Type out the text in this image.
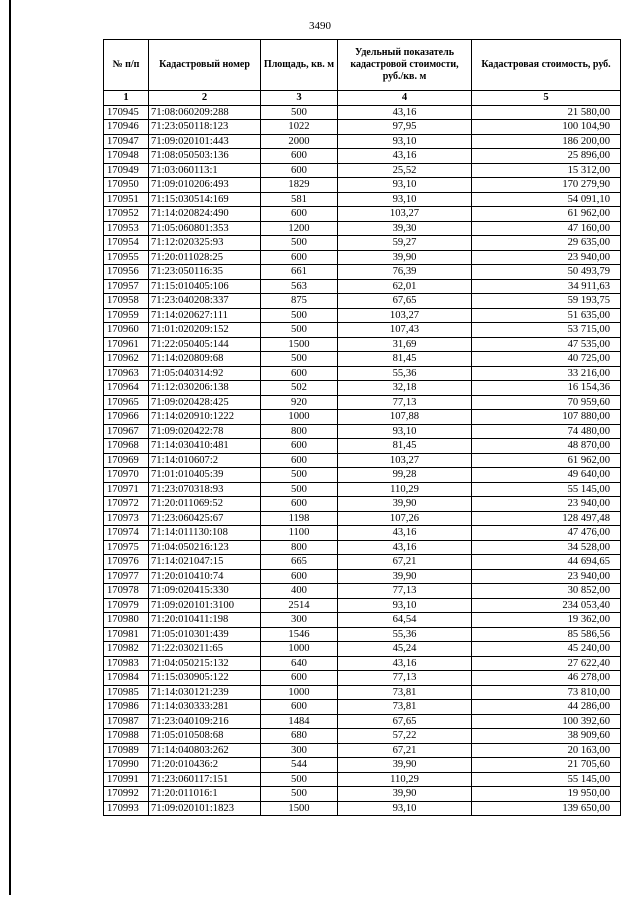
3490
№ п/п	Кадастровый номер	Площадь, кв. м	Удельный показатель кадастровой стоимости, руб./кв. м	Кадастровая стоимость, руб.
1	2	3	4	5
170945	71:08:060209:288	500	43,16	21 580,00
170946	71:23:050118:123	1022	97,95	100 104,90
170947	71:09:020101:443	2000	93,10	186 200,00
170948	71:08:050503:136	600	43,16	25 896,00
170949	71:03:060113:1	600	25,52	15 312,00
170950	71:09:010206:493	1829	93,10	170 279,90
170951	71:15:030514:169	581	93,10	54 091,10
170952	71:14:020824:490	600	103,27	61 962,00
170953	71:05:060801:353	1200	39,30	47 160,00
170954	71:12:020325:93	500	59,27	29 635,00
170955	71:20:011028:25	600	39,90	23 940,00
170956	71:23:050116:35	661	76,39	50 493,79
170957	71:15:010405:106	563	62,01	34 911,63
170958	71:23:040208:337	875	67,65	59 193,75
170959	71:14:020627:111	500	103,27	51 635,00
170960	71:01:020209:152	500	107,43	53 715,00
170961	71:22:050405:144	1500	31,69	47 535,00
170962	71:14:020809:68	500	81,45	40 725,00
170963	71:05:040314:92	600	55,36	33 216,00
170964	71:12:030206:138	502	32,18	16 154,36
170965	71:09:020428:425	920	77,13	70 959,60
170966	71:14:020910:1222	1000	107,88	107 880,00
170967	71:09:020422:78	800	93,10	74 480,00
170968	71:14:030410:481	600	81,45	48 870,00
170969	71:14:010607:2	600	103,27	61 962,00
170970	71:01:010405:39	500	99,28	49 640,00
170971	71:23:070318:93	500	110,29	55 145,00
170972	71:20:011069:52	600	39,90	23 940,00
170973	71:23:060425:67	1198	107,26	128 497,48
170974	71:14:011130:108	1100	43,16	47 476,00
170975	71:04:050216:123	800	43,16	34 528,00
170976	71:14:021047:15	665	67,21	44 694,65
170977	71:20:010410:74	600	39,90	23 940,00
170978	71:09:020415:330	400	77,13	30 852,00
170979	71:09:020101:3100	2514	93,10	234 053,40
170980	71:20:010411:198	300	64,54	19 362,00
170981	71:05:010301:439	1546	55,36	85 586,56
170982	71:22:030211:65	1000	45,24	45 240,00
170983	71:04:050215:132	640	43,16	27 622,40
170984	71:15:030905:122	600	77,13	46 278,00
170985	71:14:030121:239	1000	73,81	73 810,00
170986	71:14:030333:281	600	73,81	44 286,00
170987	71:23:040109:216	1484	67,65	100 392,60
170988	71:05:010508:68	680	57,22	38 909,60
170989	71:14:040803:262	300	67,21	20 163,00
170990	71:20:010436:2	544	39,90	21 705,60
170991	71:23:060117:151	500	110,29	55 145,00
170992	71:20:011016:1	500	39,90	19 950,00
170993	71:09:020101:1823	1500	93,10	139 650,00
